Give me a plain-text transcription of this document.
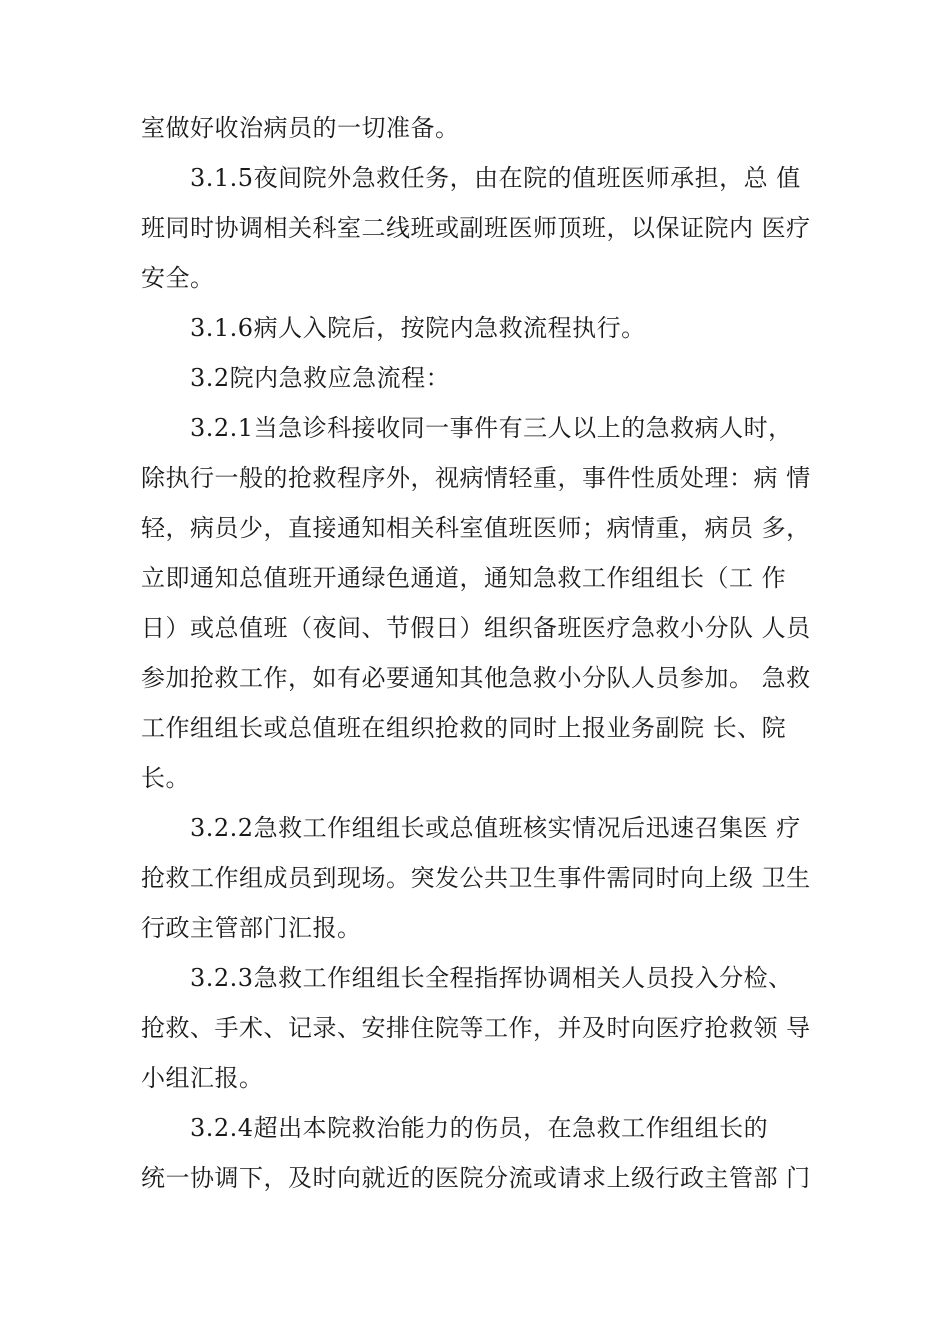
室做好收治病员的一切准备。
3.1.5夜间院外急救任务，由在院的值班医师承担，总 值
班同时协调相关科室二线班或副班医师顶班，以保证院内 医疗
安全。
3.1.6病人入院后，按院内急救流程执行。
3.2院内急救应急流程：
3.2.1当急诊科接收同一事件有三人以上的急救病人时，
除执行一般的抢救程序外，视病情轻重，事件性质处理：病 情
轻，病员少，直接通知相关科室值班医师；病情重，病员 多，
立即通知总值班开通绿色通道，通知急救工作组组长（工 作
日）或总值班（夜间、节假日）组织备班医疗急救小分队 人员
参加抢救工作，如有必要通知其他急救小分队人员参加。 急救
工作组组长或总值班在组织抢救的同时上报业务副院 长、院
长。
3.2.2急救工作组组长或总值班核实情况后迅速召集医 疗
抢救工作组成员到现场。突发公共卫生事件需同时向上级 卫生
行政主管部门汇报。
3.2.3急救工作组组长全程指挥协调相关人员投入分检、
抢救、手术、记录、安排住院等工作，并及时向医疗抢救领 导
小组汇报。
3.2.4超出本院救治能力的伤员，在急救工作组组长的
统一协调下，及时向就近的医院分流或请求上级行政主管部 门
